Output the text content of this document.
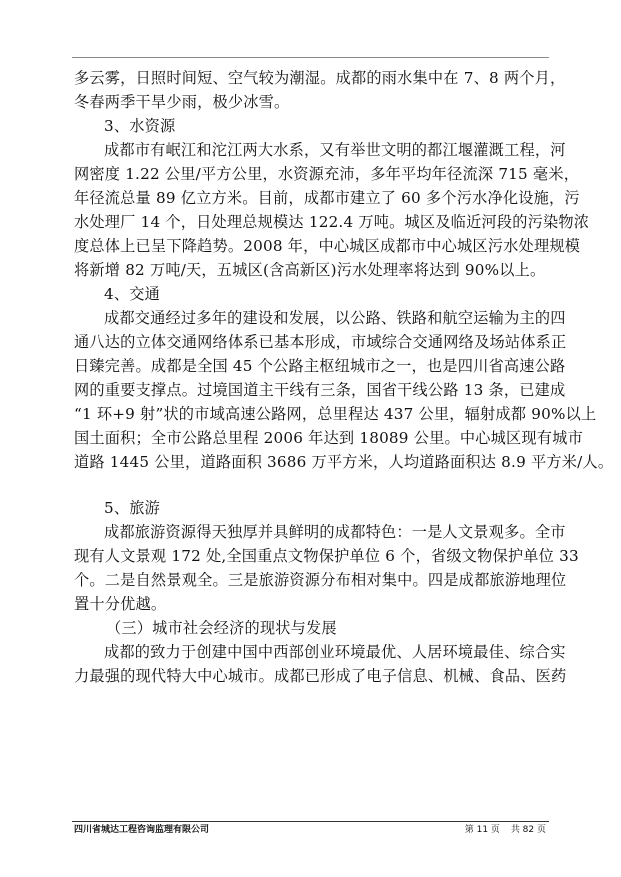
多云雾，日照时间短、空气较为潮湿。成都的雨水集中在 7、8 两个月，
冬春两季干旱少雨，极少冰雪。
3、水资源
成都市有岷江和沱江两大水系，又有举世文明的都江堰灌溉工程，河
网密度 1.22 公里/平方公里，水资源充沛，多年平均年径流深 715 毫米，
年径流总量 89 亿立方米。目前，成都市建立了 60 多个污水净化设施，污
水处理厂 14 个，日处理总规模达 122.4 万吨。城区及临近河段的污染物浓
度总体上已呈下降趋势。2008 年，中心城区成都市中心城区污水处理规模
将新增 82 万吨/天，五城区(含高新区)污水处理率将达到 90%以上。
4、交通
成都交通经过多年的建设和发展，以公路、铁路和航空运输为主的四
通八达的立体交通网络体系已基本形成，市域综合交通网络及场站体系正
日臻完善。成都是全国 45 个公路主枢纽城市之一，也是四川省高速公路
网的重要支撑点。过境国道主干线有三条，国省干线公路 13 条，已建成
“1 环+9 射”状的市域高速公路网，总里程达 437 公里，辐射成都 90%以上
国土面积；全市公路总里程 2006 年达到 18089 公里。中心城区现有城市
道路 1445 公里，道路面积 3686 万平方米，人均道路面积达 8.9 平方米/人。
5、旅游
成都旅游资源得天独厚并具鲜明的成都特色：一是人文景观多。全市
现有人文景观 172 处,全国重点文物保护单位 6 个，省级文物保护单位 33
个。二是自然景观全。三是旅游资源分布相对集中。四是成都旅游地理位
置十分优越。
（三）城市社会经济的现状与发展
成都的致力于创建中国中西部创业环境最优、人居环境最佳、综合实
力最强的现代特大中心城市。成都已形成了电子信息、机械、食品、医药
四川省城达工程咨询监理有限公司	第 11 页 共 82 页
